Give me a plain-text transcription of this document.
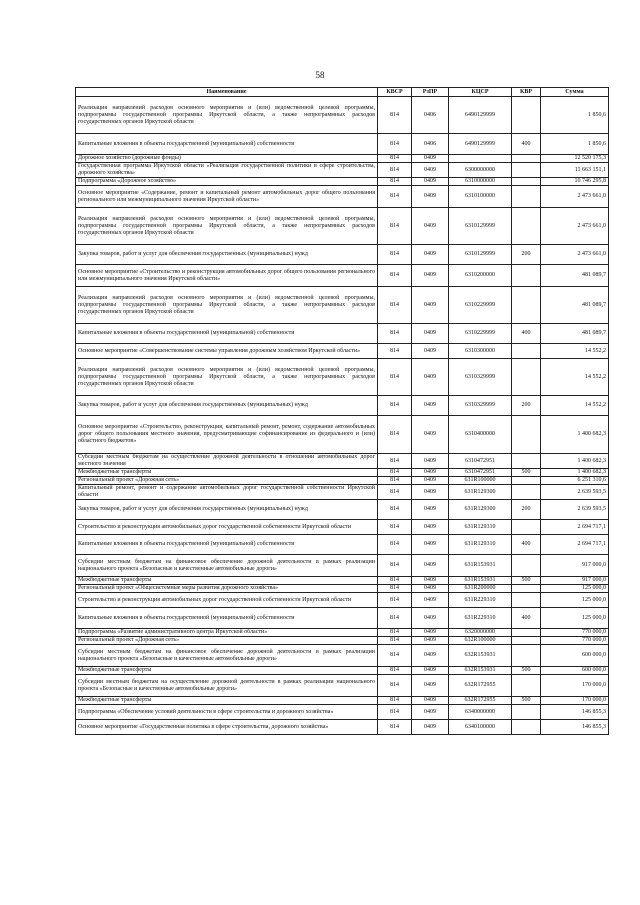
58
Наименование	КВСР	РзПР	КЦСР	КВР	Сумма
Реализация направлений расходов основного мероприятия и (или) ведомственной целевой программы, подпрограммы государственной программы Иркутской области, а также непрограммных расходов государственных органов Иркутской области	814	0406	6490129999		1 850,6
Капитальные вложения в объекты государственной (муниципальной) собственности	814	0406	6490129999	400	1 850,6
Дорожное хозяйство (дорожные фонды)	814	0409			12 520 175,3
Государственная программа Иркутской области «Реализация государственной политики в сфере строительства, дорожного хозяйства»	814	0409	6300000000		11 663 151,1
Подпрограмма «Дорожное хозяйство»	814	0409	6310000000		10 746 295,8
Основное мероприятие «Содержание, ремонт и капитальный ремонт автомобильных дорог общего пользования регионального или межмуниципального значения Иркутской области»	814	0409	6310100000		2 473 661,0
Реализация направлений расходов основного мероприятия и (или) ведомственной целевой программы, подпрограммы государственной программы Иркутской области, а также непрограммных расходов государственных органов Иркутской области	814	0409	6310129999		2 473 661,0
Закупка товаров, работ и услуг для обеспечения государственных (муниципальных) нужд	814	0409	6310129999	200	2 473 661,0
Основное мероприятие «Строительство и реконструкция автомобильных дорог общего пользования регионального или межмуниципального значения Иркутской области»	814	0409	6310200000		481 089,7
Реализация направлений расходов основного мероприятия и (или) ведомственной целевой программы, подпрограммы государственной программы Иркутской области, а также непрограммных расходов государственных органов Иркутской области	814	0409	6310229999		481 089,7
Капитальные вложения в объекты государственной (муниципальной) собственности	814	0409	6310229999	400	481 089,7
Основное мероприятие «Совершенствование системы управления дорожным хозяйством Иркутской области»	814	0409	6310300000		14 552,2
Реализация направлений расходов основного мероприятия и (или) ведомственной целевой программы, подпрограммы государственной программы Иркутской области, а также непрограммных расходов государственных органов Иркутской области	814	0409	6310329999		14 552,2
Закупка товаров, работ и услуг для обеспечения государственных (муниципальных) нужд	814	0409	6310329999	200	14 552,2
Основное мероприятие «Строительство, реконструкция, капитальный ремонт, ремонт, содержание автомобильных дорог общего пользования местного значения, предусматривающие софинансирование из федерального и (или) областного бюджетов»	814	0409	6310400000		1 400 682,3
Субсидии местным бюджетам на осуществление дорожной деятельности в отношении автомобильных дорог местного значения	814	0409	6310472951		1 400 682,3
Межбюджетные трансферты	814	0409	6310472951	500	1 400 682,3
Региональный проект «Дорожная сеть»	814	0409	631R100000		6 251 310,6
Капитальный ремонт, ремонт и содержание автомобильных дорог государственной собственности Иркутской области	814	0409	631R129300		2 639 593,5
Закупка товаров, работ и услуг для обеспечения государственных (муниципальных) нужд	814	0409	631R129300	200	2 639 593,5
Строительство и реконструкция автомобильных дорог государственной собственности Иркутской области	814	0409	631R129310		2 694 717,1
Капитальные вложения в объекты государственной (муниципальной) собственности	814	0409	631R129310	400	2 694 717,1
Субсидии местным бюджетам на финансовое обеспечение дорожной деятельности в рамках реализации национального проекта «Безопасные и качественные автомобильные дороги»	814	0409	631R153931		917 000,0
Межбюджетные трансферты	814	0409	631R153931	500	917 000,0
Региональный проект «Общесистемные меры развития дорожного хозяйства»	814	0409	631R200000		125 000,0
Строительство и реконструкция автомобильных дорог государственной собственности Иркутской области	814	0409	631R229310		125 000,0
Капитальные вложения в объекты государственной (муниципальной) собственности	814	0409	631R229310	400	125 000,0
Подпрограмма «Развитие административного центра Иркутской области»	814	0409	6320000000		770 000,0
Региональный проект «Дорожная сеть»	814	0409	632R100000		770 000,0
Субсидии местным бюджетам на финансовое обеспечение дорожной деятельности в рамках реализации национального проекта «Безопасные и качественные автомобильные дороги»	814	0409	632R153931		600 000,0
Межбюджетные трансферты	814	0409	632R153931	500	600 000,0
Субсидии местным бюджетам на осуществление дорожной деятельности в рамках реализации национального проекта «Безопасные и качественные автомобильные дороги»	814	0409	632R172955		170 000,0
Межбюджетные трансферты	814	0409	632R172955	500	170 000,0
Подпрограмма «Обеспечение условий деятельности в сфере строительства и дорожного хозяйства»	814	0409	6340000000		146 855,3
Основное мероприятие «Государственная политика в сфере строительства, дорожного хозяйства»	814	0409	6340100000		146 855,3
